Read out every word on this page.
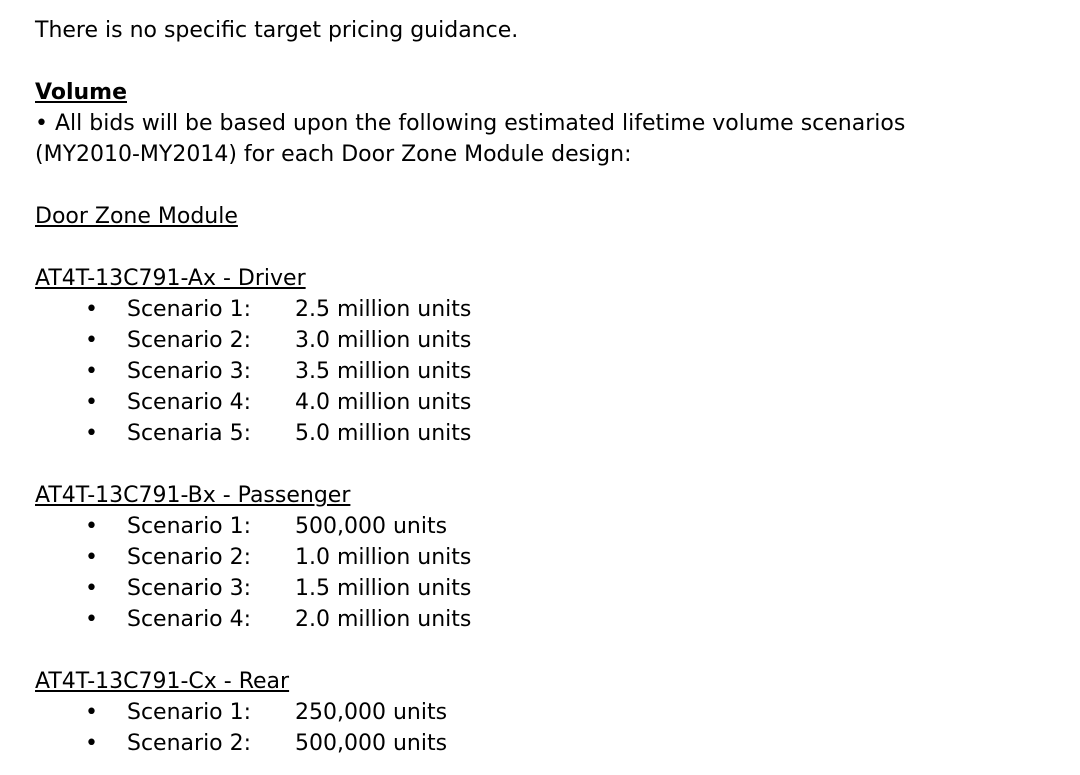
There is no specific target pricing guidance.
Volume
• All bids will be based upon the following estimated lifetime volume scenarios
(MY2010-MY2014) for each Door Zone Module design:
Door Zone Module
AT4T-13C791-Ax - Driver
• Scenario 1: 2.5 million units
• Scenario 2: 3.0 million units
• Scenario 3: 3.5 million units
• Scenario 4: 4.0 million units
• Scenaria 5: 5.0 million units
AT4T-13C791-Bx - Passenger
• Scenario 1: 500,000 units
• Scenario 2: 1.0 million units
• Scenario 3: 1.5 million units
• Scenario 4: 2.0 million units
AT4T-13C791-Cx - Rear
• Scenario 1: 250,000 units
• Scenario 2: 500,000 units
